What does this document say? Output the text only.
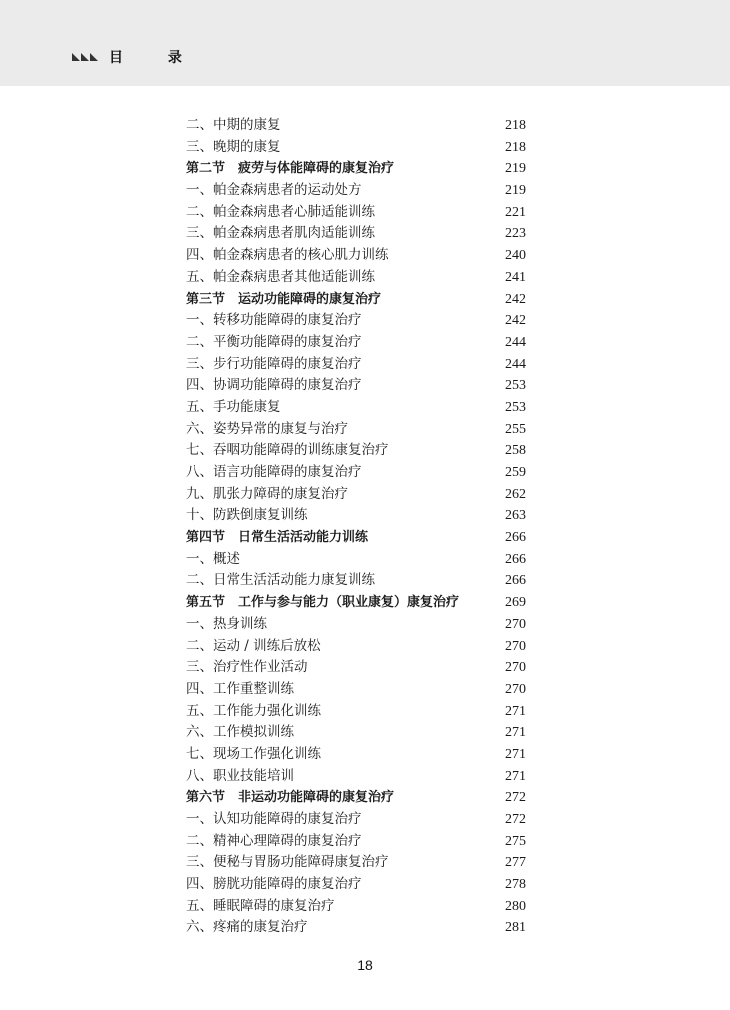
目 录
二、中期的康复	218
三、晚期的康复	218
第二节　疲劳与体能障碍的康复治疗	219
一、帕金森病患者的运动处方	219
二、帕金森病患者心肺适能训练	221
三、帕金森病患者肌肉适能训练	223
四、帕金森病患者的核心肌力训练	240
五、帕金森病患者其他适能训练	241
第三节　运动功能障碍的康复治疗	242
一、转移功能障碍的康复治疗	242
二、平衡功能障碍的康复治疗	244
三、步行功能障碍的康复治疗	244
四、协调功能障碍的康复治疗	253
五、手功能康复	253
六、姿势异常的康复与治疗	255
七、吞咽功能障碍的训练康复治疗	258
八、语言功能障碍的康复治疗	259
九、肌张力障碍的康复治疗	262
十、防跌倒康复训练	263
第四节　日常生活活动能力训练	266
一、概述	266
二、日常生活活动能力康复训练	266
第五节　工作与参与能力（职业康复）康复治疗	269
一、热身训练	270
二、运动 / 训练后放松	270
三、治疗性作业活动	270
四、工作重整训练	270
五、工作能力强化训练	271
六、工作模拟训练	271
七、现场工作强化训练	271
八、职业技能培训	271
第六节　非运动功能障碍的康复治疗	272
一、认知功能障碍的康复治疗	272
二、精神心理障碍的康复治疗	275
三、便秘与胃肠功能障碍康复治疗	277
四、膀胱功能障碍的康复治疗	278
五、睡眠障碍的康复治疗	280
六、疼痛的康复治疗	281
18
